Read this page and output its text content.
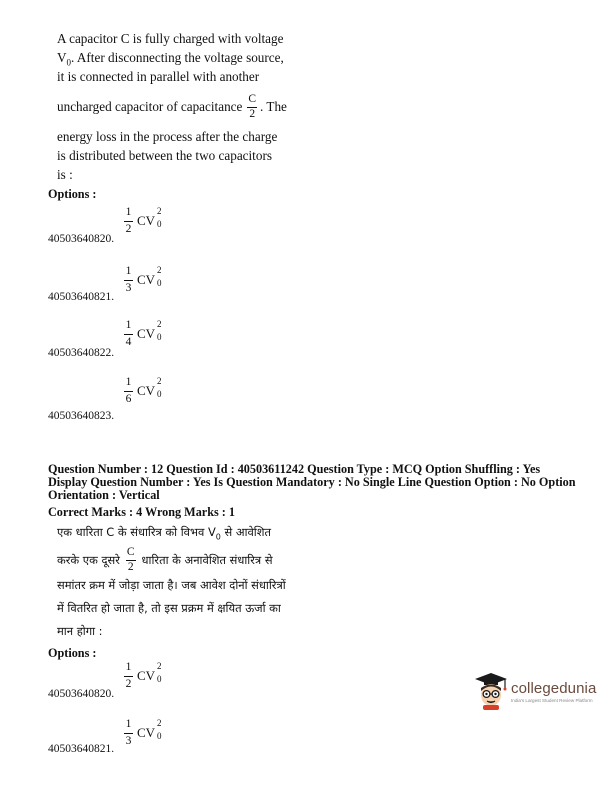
A capacitor C is fully charged with voltage
$V_0$. After disconnecting the voltage source,
it is connected in parallel with another
uncharged capacitor of capacitance $\frac{C}{2}$ . The
energy loss in the process after the charge
is distributed between the two capacitors
is :
Options :
1
2
CV
2
0
40503640820.
1
3
CV
2
0
40503640821.
1
4
CV
2
0
40503640822.
1
6
CV
2
0
40503640823.
Question Number : 12 Question Id : 40503611242 Question Type : MCQ Option Shuffling : Yes
Display Question Number : Yes Is Question Mandatory : No Single Line Question Option : No Option
Orientation : Vertical
Correct Marks : 4 Wrong Marks : 1
एक धारिता C के संधारित्र को विभव $V_0$ से आवेशित
करके एक दूसरे $\frac{C}{2}$ धारिता के अनावेशित संधारित्र से
समांतर क्रम में जोड़ा जाता है। जब आवेश दोनों संधारित्रों
में वितरित हो जाता है, तो इस प्रक्रम में क्षयित ऊर्जा का
मान होगा :
Options :
1
2
CV
2
0
40503640820.
1
3
CV
2
0
40503640821.
collegedunia
India's Largest Student Review Platform
